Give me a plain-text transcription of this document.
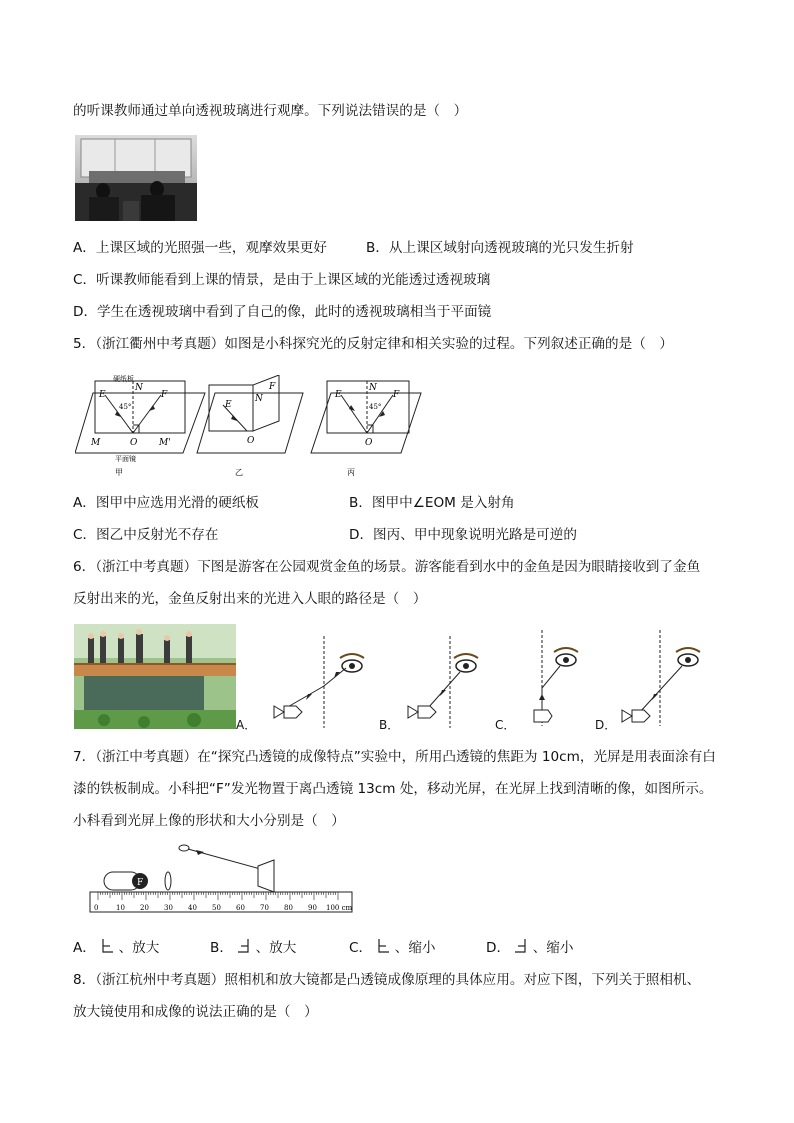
的听课教师通过单向透视玻璃进行观摩。下列说法错误的是（　）
A．上课区域的光照强一些，观摩效果更好	B．从上课区域射向透视玻璃的光只发生折射
C．听课教师能看到上课的情景，是由于上课区域的光能透过透视玻璃
D．学生在透视玻璃中看到了自己的像，此时的透视玻璃相当于平面镜
5．（浙江衢州中考真题）如图是小科探究光的反射定律和相关实验的过程。下列叙述正确的是（　）
硬纸板
E
N
F
45°
M	O M'
平面镜
甲
E
N
F
O
乙
E
N
F
45°
O
丙
A．图甲中应选用光滑的硬纸板	B．图甲中∠EOM 是入射角
C．图乙中反射光不存在	D．图丙、甲中现象说明光路是可逆的
6．（浙江中考真题）下图是游客在公园观赏金鱼的场景。游客能看到水中的金鱼是因为眼睛接收到了金鱼
反射出来的光，金鱼反射出来的光进入人眼的路径是（　）
A．	B．	C．	D．
7．（浙江中考真题）在“探究凸透镜的成像特点”实验中，所用凸透镜的焦距为 10cm，光屏是用表面涂有白
漆的铁板制成。小科把“F”发光物置于离凸透镜 13cm 处，移动光屏，在光屏上找到清晰的像，如图所示。
小科看到光屏上像的形状和大小分别是（　）
F
0	10 20 30 40 50 60 70 80 90 100 cm
A． 、放大	B． 、放大	C． 、缩小	D． 、缩小
8．（浙江杭州中考真题）照相机和放大镜都是凸透镜成像原理的具体应用。对应下图，下列关于照相机、
放大镜使用和成像的说法正确的是（　）
